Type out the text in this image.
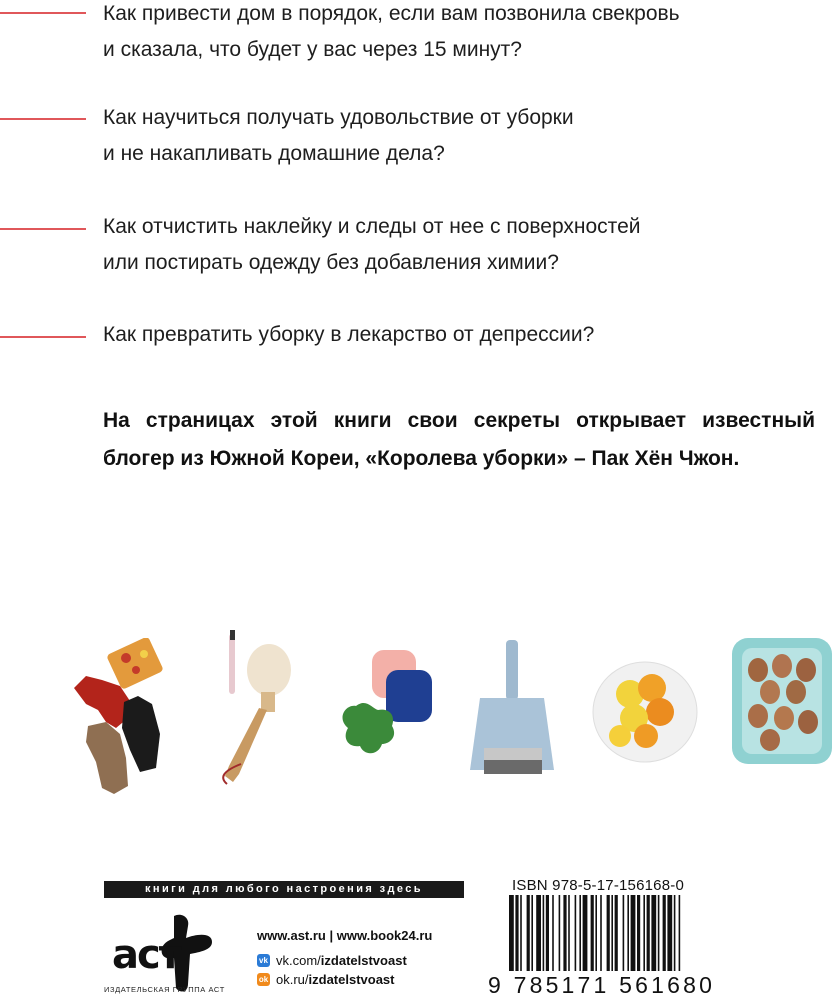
Как привести дом в порядок, если вам позвонила свекровь
и сказала, что будет у вас через 15 минут?
Как научиться получать удовольствие от уборки
и не накапливать домашние дела?
Как отчистить наклейку и следы от нее с поверхностей
или постирать одежду без добавления химии?
Как превратить уборку в лекарство от депрессии?
На страницах этой книги свои секреты открывает известный
блогер из Южной Кореи, «Королева уборки» – Пак Хён Чжон.
книги для любого настроения здесь
аст
ИЗДАТЕЛЬСКАЯ ГРУППА АСТ
www.ast.ru | www.book24.ru
vk vk.com/ izdatelstvoast
ok ok.ru/ izdatelstvoast
ISBN 978-5-17-156168-0
9 785171 561680
